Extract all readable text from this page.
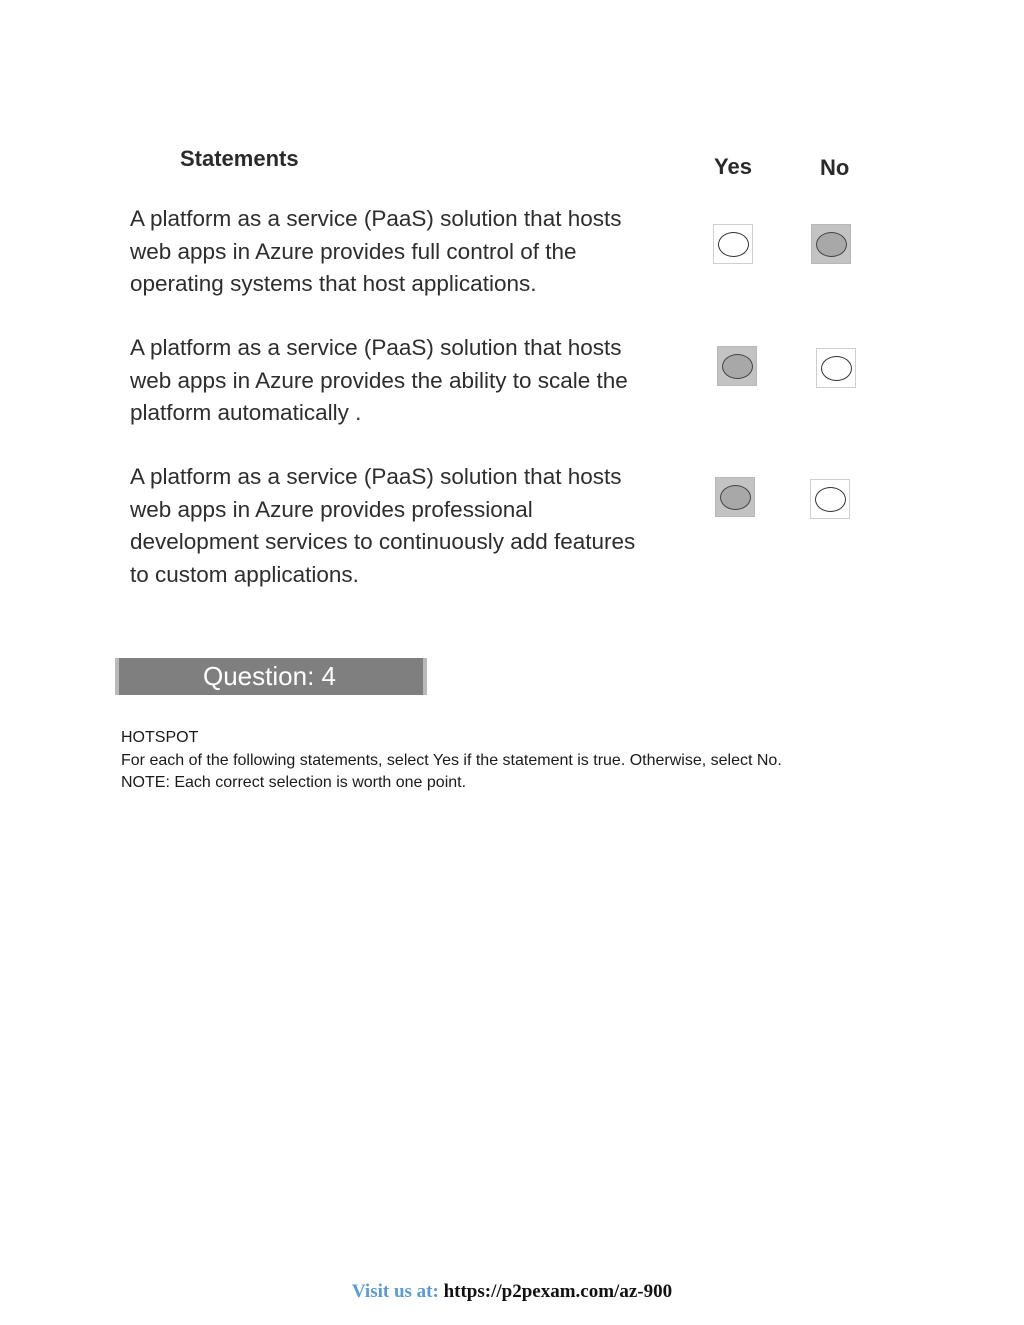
Statements	Yes	No
A platform as a service (PaaS) solution that hosts
web apps in Azure provides full control of the
operating systems that host applications.
A platform as a service (PaaS) solution that hosts
web apps in Azure provides the ability to scale the
platform automatically .
A platform as a service (PaaS) solution that hosts
web apps in Azure provides professional
development services to continuously add features
to custom applications.
Question: 4
HOTSPOT
For each of the following statements, select Yes if the statement is true. Otherwise, select No.
NOTE: Each correct selection is worth one point.
Visit us at: https://p2pexam.com/az-900
